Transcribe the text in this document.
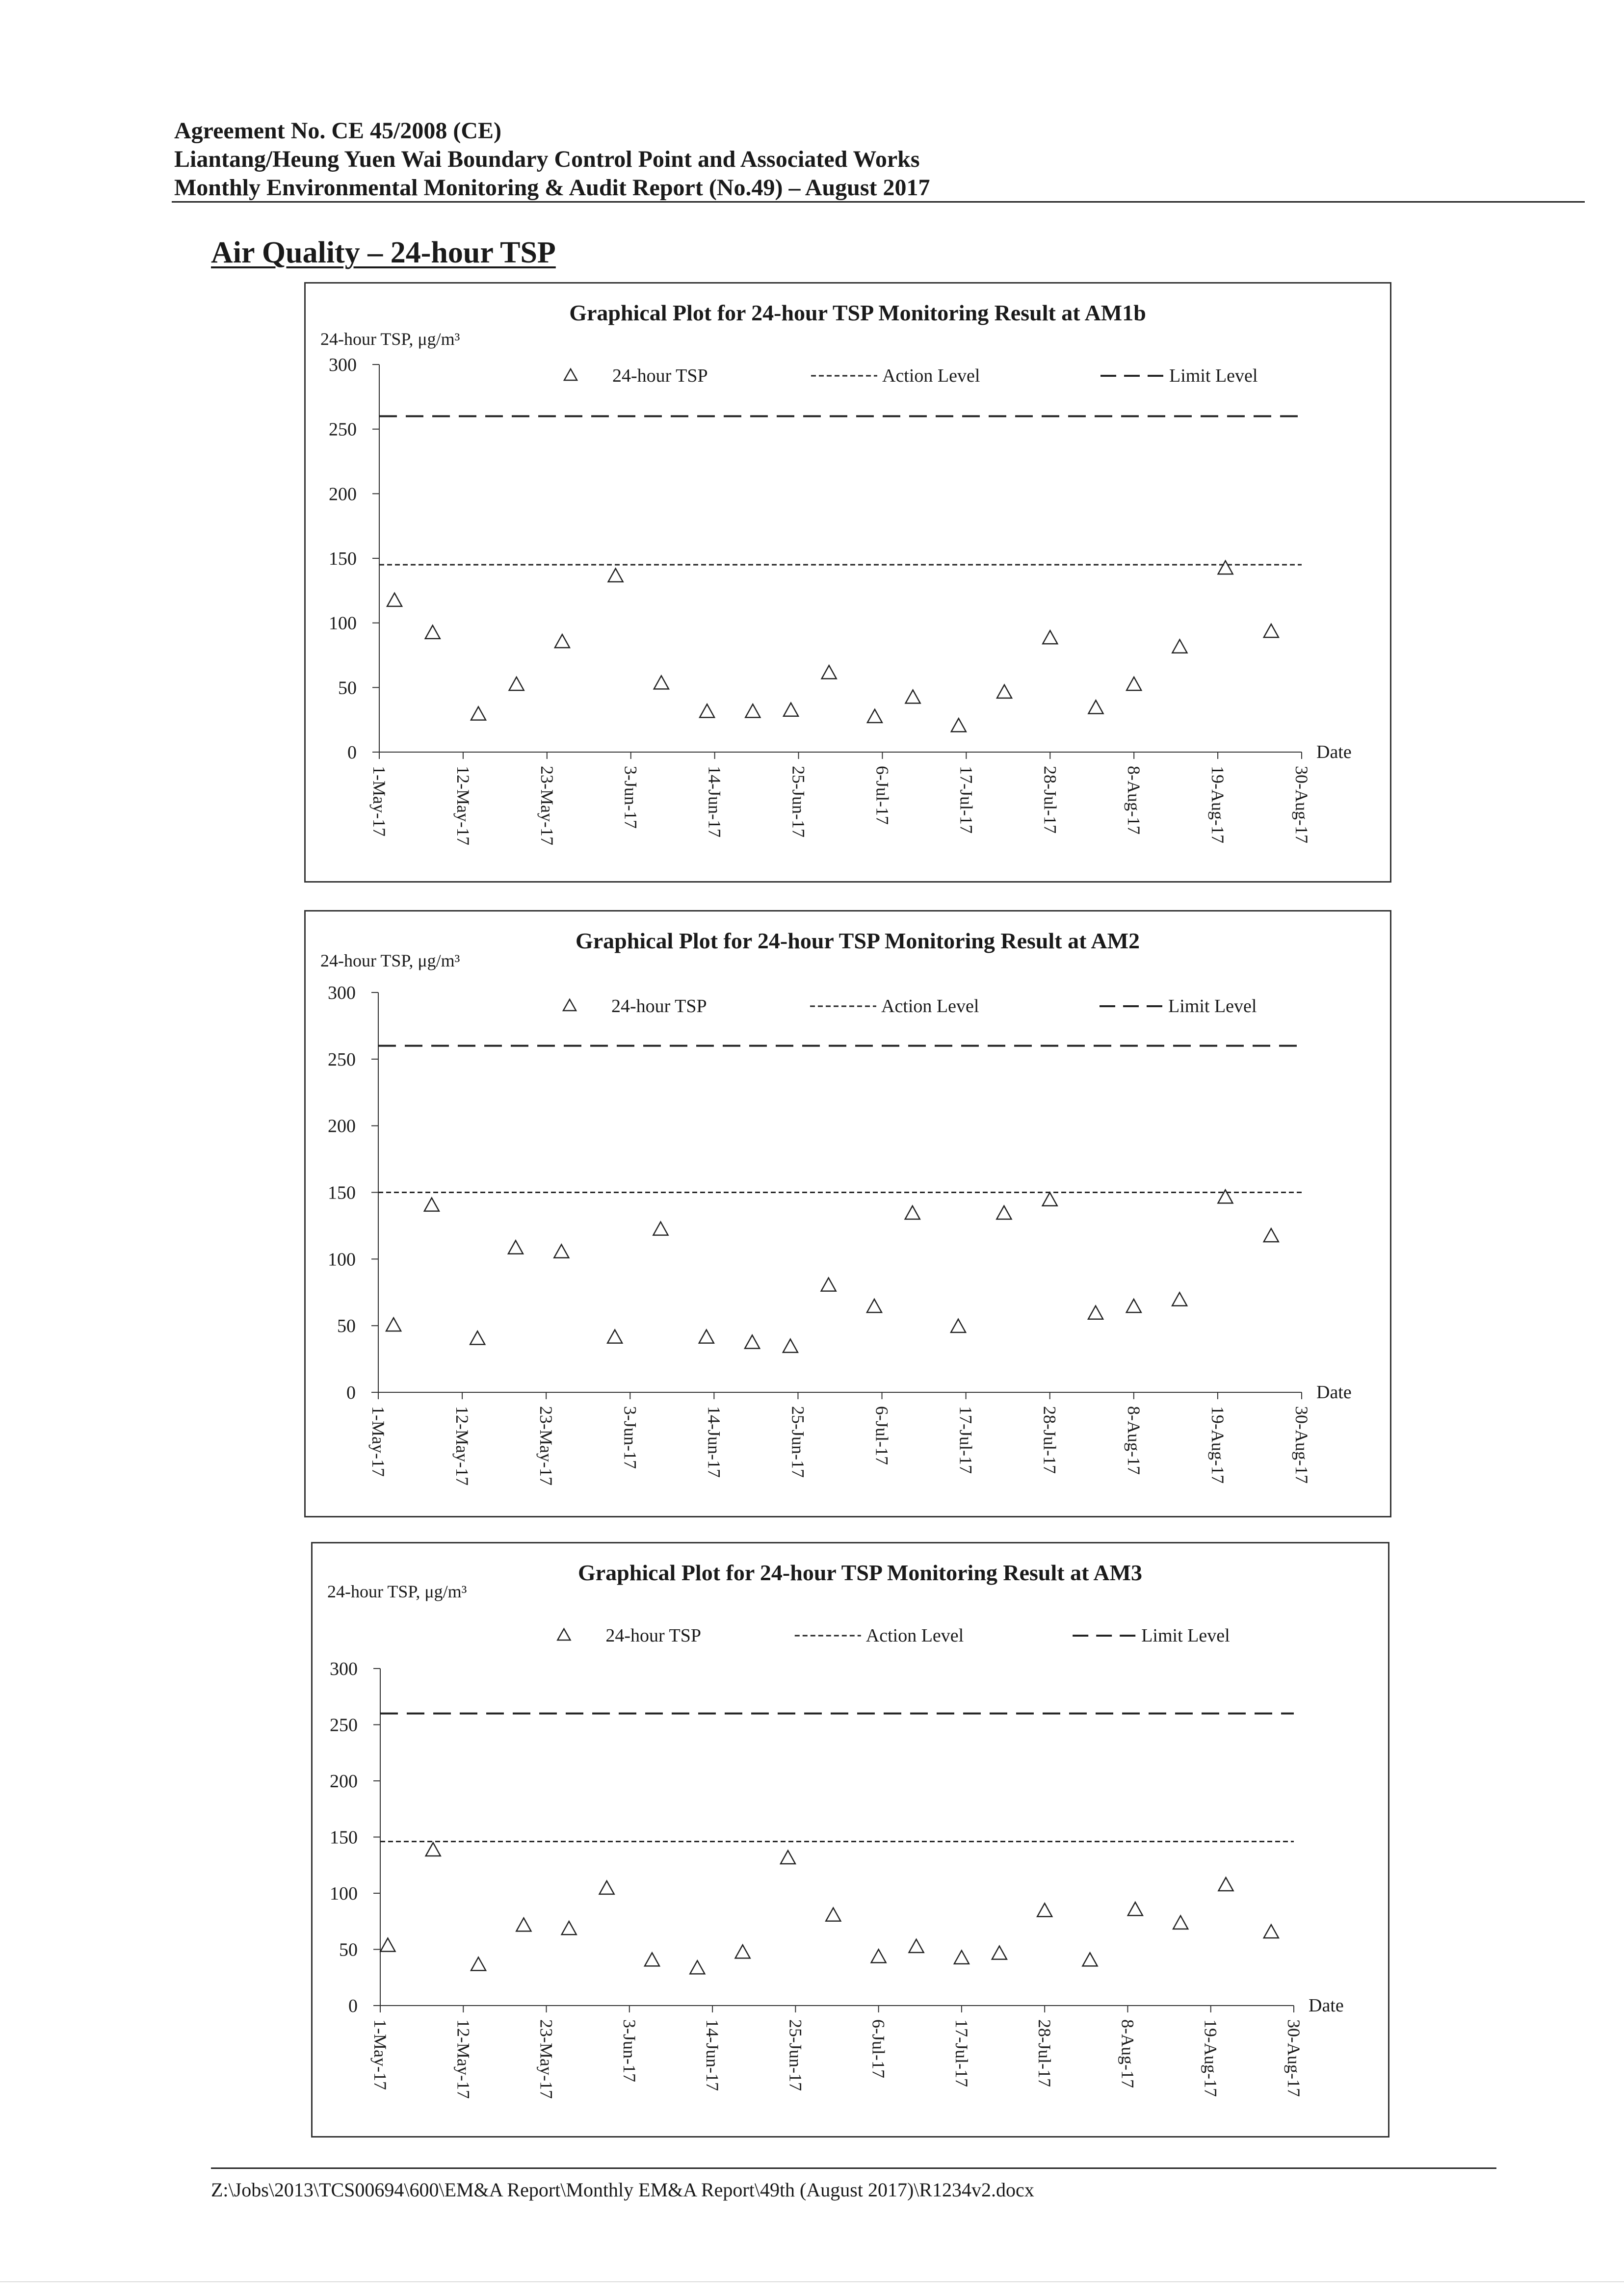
Agreement No. CE 45/2008 (CE)
Liantang/Heung Yuen Wai Boundary Control Point and Associated Works
Monthly Environmental Monitoring & Audit Report (No.49) – August 2017
Air Quality – 24-hour TSP
Graphical Plot for 24-hour TSP Monitoring Result at AM1b
24-hour TSP, μg/m³
0
50
100
150
200
250
300
1-May-17	12-May-17	23-May-17	3-Jun-17	14-Jun-17	25-Jun-17	6-Jul-17	17-Jul-17	28-Jul-17	8-Aug-17	19-Aug-17	30-Aug-17
Date
24-hour TSP	Action Level	Limit Level
Graphical Plot for 24-hour TSP Monitoring Result at AM2
24-hour TSP, μg/m³
0
50
100
150
200
250
300
1-May-17	12-May-17	23-May-17	3-Jun-17	14-Jun-17	25-Jun-17	6-Jul-17	17-Jul-17	28-Jul-17	8-Aug-17	19-Aug-17	30-Aug-17
Date
24-hour TSP	Action Level	Limit Level
Graphical Plot for 24-hour TSP Monitoring Result at AM3
24-hour TSP, μg/m³
0
50
100
150
200
250
300
1-May-17	12-May-17	23-May-17	3-Jun-17	14-Jun-17	25-Jun-17	6-Jul-17	17-Jul-17	28-Jul-17	8-Aug-17	19-Aug-17	30-Aug-17
Date
24-hour TSP	Action Level	Limit Level
Z:\Jobs\2013\TCS00694\600\EM&A Report\Monthly EM&A Report\49th (August 2017)\R1234v2.docx
